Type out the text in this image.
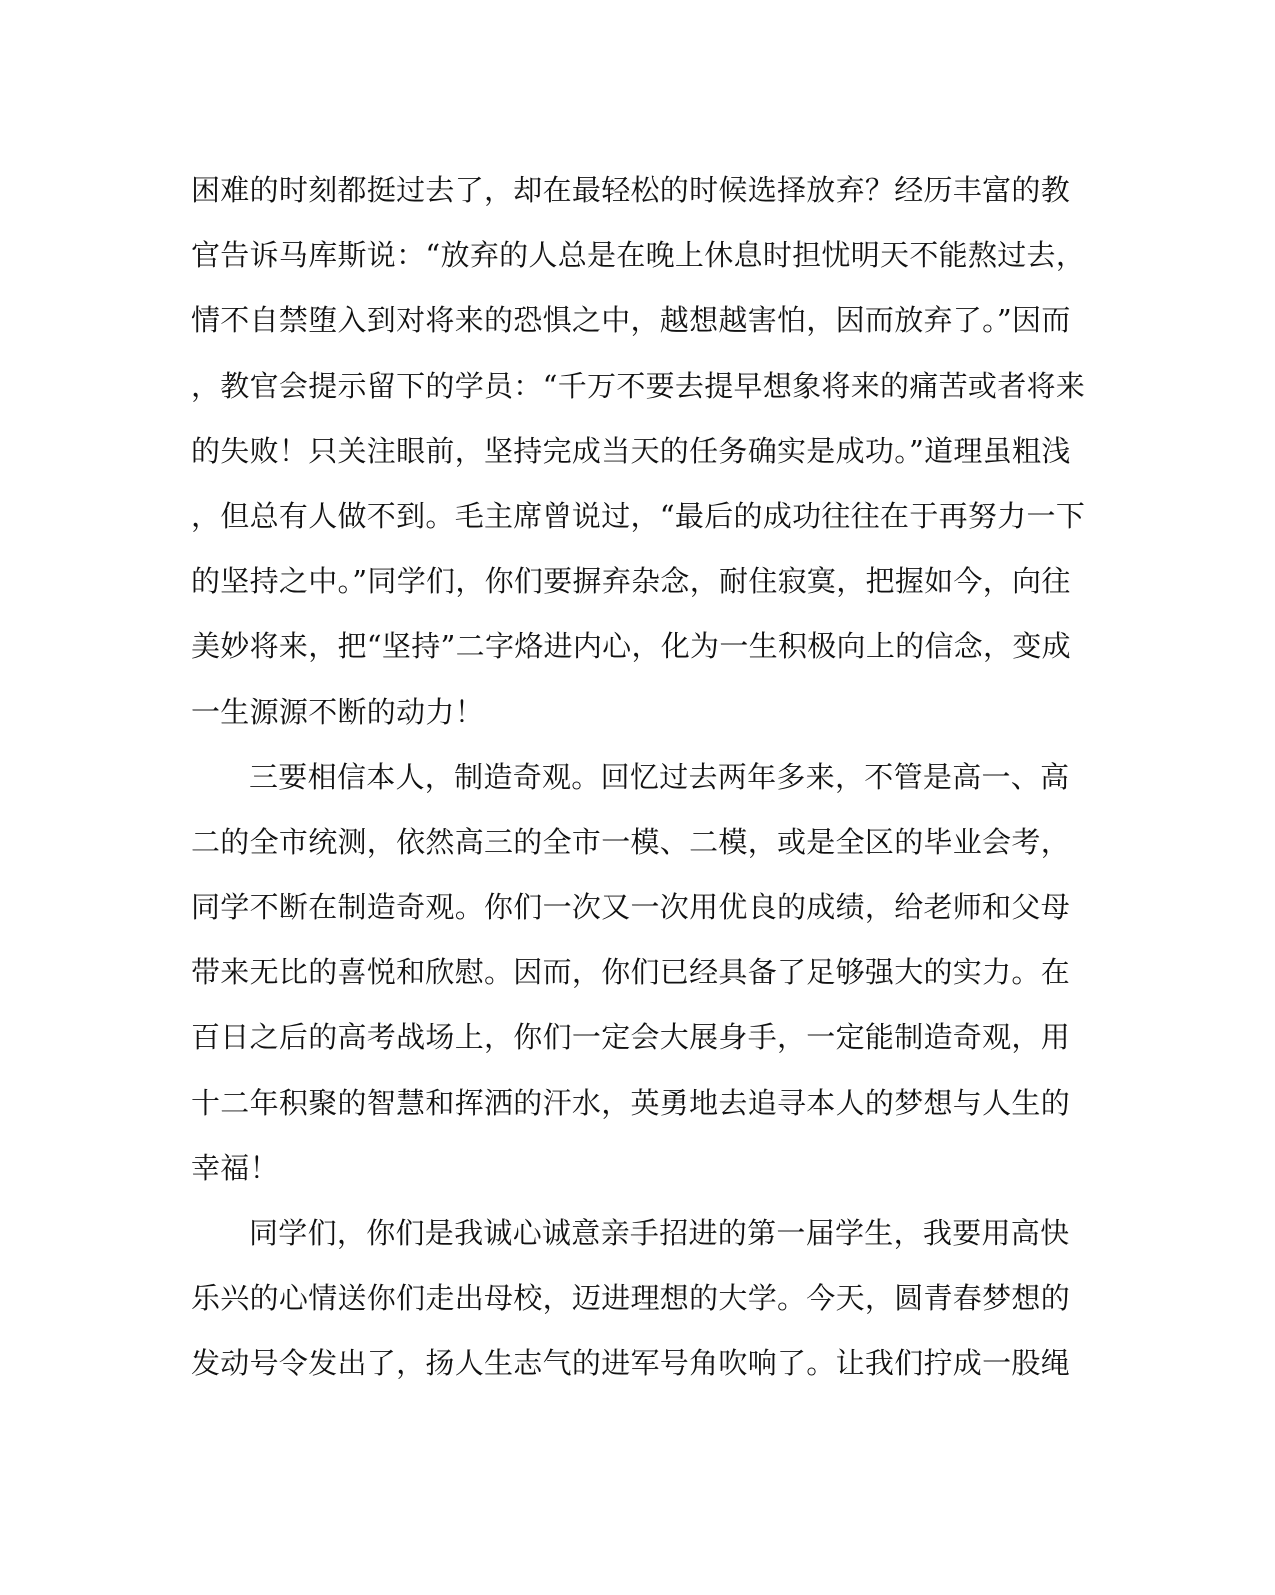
困难的时刻都挺过去了，却在最轻松的时候选择放弃？经历丰富的教
官告诉马库斯说：“放弃的人总是在晚上休息时担忧明天不能熬过去，
情不自禁堕入到对将来的恐惧之中，越想越害怕，因而放弃了。”因而
，教官会提示留下的学员：“千万不要去提早想象将来的痛苦或者将来
的失败！只关注眼前，坚持完成当天的任务确实是成功。”道理虽粗浅
，但总有人做不到。毛主席曾说过，“最后的成功往往在于再努力一下
的坚持之中。”同学们，你们要摒弃杂念，耐住寂寞，把握如今，向往
美妙将来，把“坚持”二字烙进内心，化为一生积极向上的信念，变成
一生源源不断的动力！
三要相信本人，制造奇观。回忆过去两年多来，不管是高一、高
二的全市统测，依然高三的全市一模、二模，或是全区的毕业会考，
同学不断在制造奇观。你们一次又一次用优良的成绩，给老师和父母
带来无比的喜悦和欣慰。因而，你们已经具备了足够强大的实力。在
百日之后的高考战场上，你们一定会大展身手，一定能制造奇观，用
十二年积聚的智慧和挥洒的汗水，英勇地去追寻本人的梦想与人生的
幸福！
同学们，你们是我诚心诚意亲手招进的第一届学生，我要用高快
乐兴的心情送你们走出母校，迈进理想的大学。今天，圆青春梦想的
发动号令发出了，扬人生志气的进军号角吹响了。让我们拧成一股绳
